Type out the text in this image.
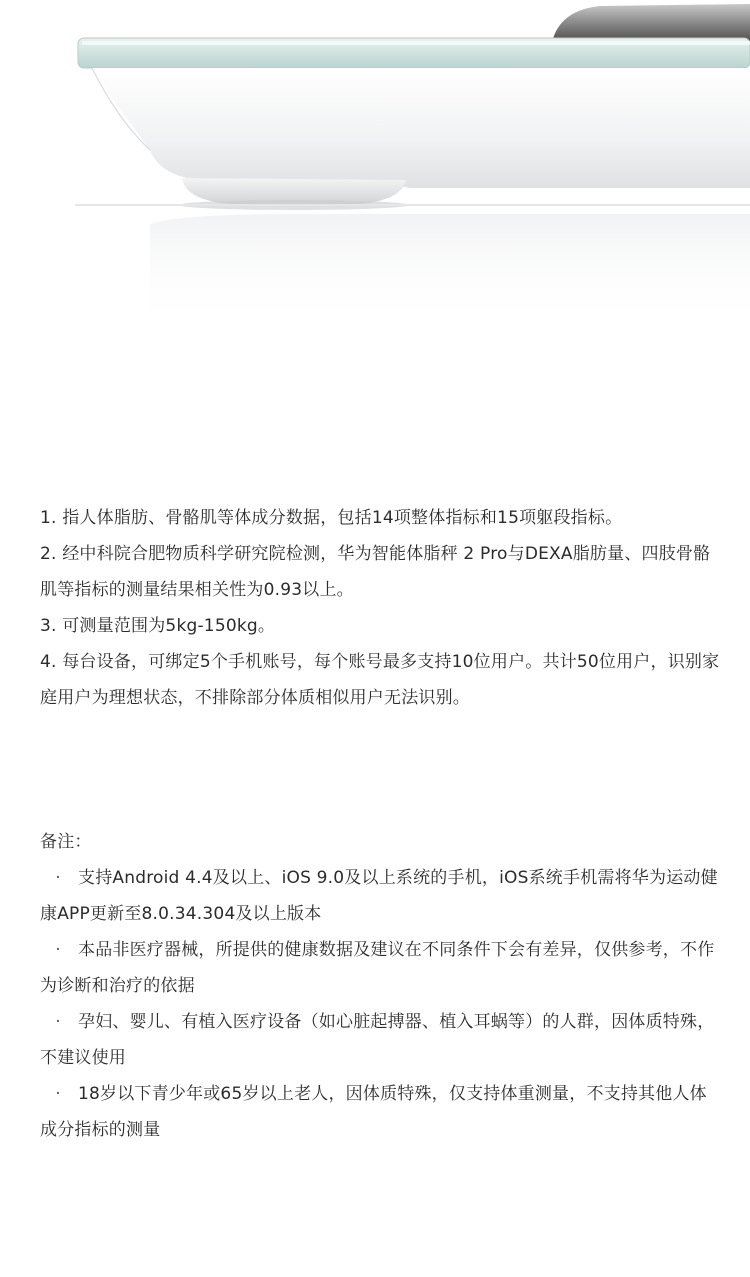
1. 指人体脂肪、骨骼肌等体成分数据，包括14项整体指标和15项躯段指标。

2. 经中科院合肥物质科学研究院检测，华为智能体脂秤 2 Pro与DEXA脂肪量、四肢骨骼肌等指标的测量结果相关性为0.93以上。

3. 可测量范围为5kg-150kg。

4. 每台设备，可绑定5个手机账号，每个账号最多支持10位用户。共计50位用户，识别家庭用户为理想状态，不排除部分体质相似用户无法识别。

备注：

· 支持Android 4.4及以上、iOS 9.0及以上系统的手机，iOS系统手机需将华为运动健康APP更新至8.0.34.304及以上版本

· 本品非医疗器械，所提供的健康数据及建议在不同条件下会有差异，仅供参考，不作为诊断和治疗的依据

· 孕妇、婴儿、有植入医疗设备（如心脏起搏器、植入耳蜗等）的人群，因体质特殊，不建议使用

· 18岁以下青少年或65岁以上老人，因体质特殊，仅支持体重测量，不支持其他人体成分指标的测量
